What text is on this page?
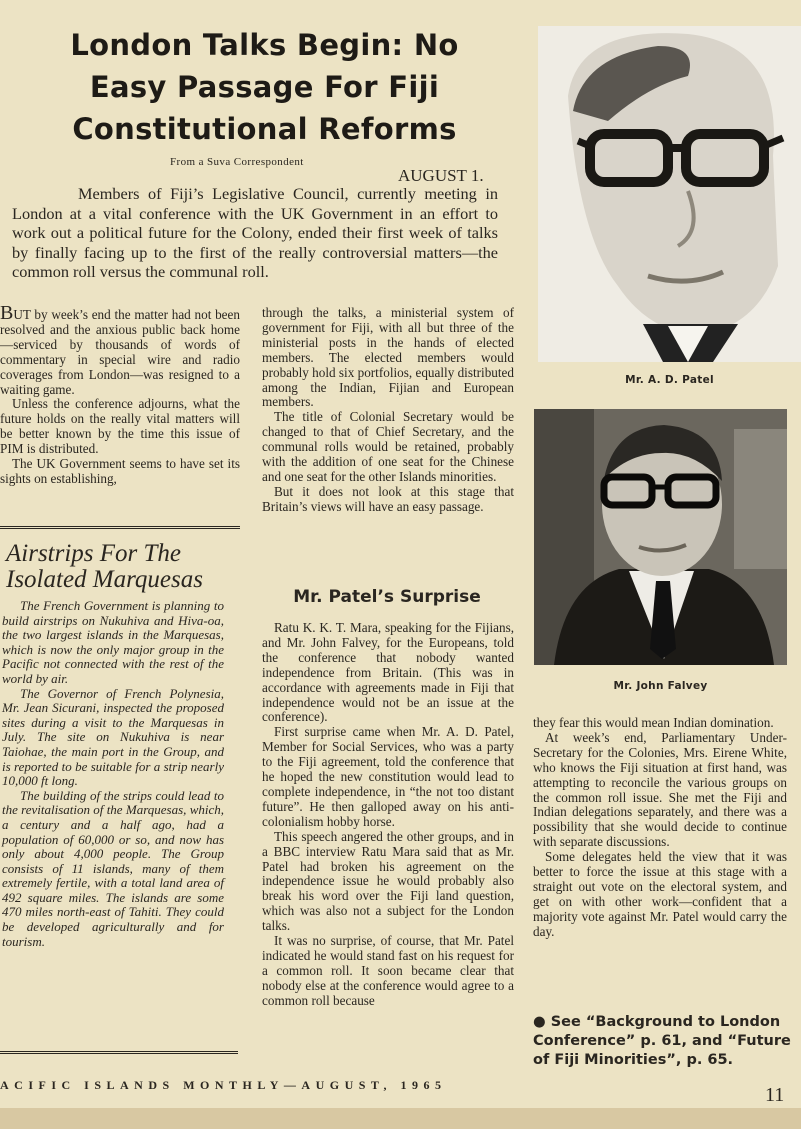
London Talks Begin: No
Easy Passage For Fiji
Constitutional Reforms
From a Suva Correspondent
AUGUST 1.

Members of Fiji’s Legislative Council, currently meeting in London at a vital conference with the UK Government in an effort to work out a political future for the Colony, ended their first week of talks by finally facing up to the first of the really controversial matters—the common roll versus the communal roll.

BUT by week’s end the matter had not been resolved and the anxious public back home—serviced by thousands of words of commentary in special wire and radio coverages from London—was resigned to a waiting game.

Unless the conference adjourns, what the future holds on the really vital matters will be better known by the time this issue of PIM is distributed.

The UK Government seems to have set its sights on establishing,

Airstrips For The
Isolated Marquesas

The French Government is planning to build airstrips on Nukuhiva and Hiva-oa, the two largest islands in the Marquesas, which is now the only major group in the Pacific not connected with the rest of the world by air.

The Governor of French Polynesia, Mr. Jean Sicurani, inspected the proposed sites during a visit to the Marquesas in July. The site on Nukuhiva is near Taiohae, the main port in the Group, and is reported to be suitable for a strip nearly 10,000 ft long.

The building of the strips could lead to the revitalisation of the Marquesas, which, a century and a half ago, had a population of 60,000 or so, and now has only about 4,000 people. The Group consists of 11 islands, many of them extremely fertile, with a total land area of 492 square miles. The islands are some 470 miles north-east of Tahiti. They could be developed agriculturally and for tourism.

through the talks, a ministerial system of government for Fiji, with all but three of the ministerial posts in the hands of elected members. The elected members would probably hold six portfolios, equally distributed among the Indian, Fijian and European members.

The title of Colonial Secretary would be changed to that of Chief Secretary, and the communal rolls would be retained, probably with the addition of one seat for the Chinese and one seat for the other Islands minorities.

But it does not look at this stage that Britain’s views will have an easy passage.

Mr. Patel’s Surprise

Ratu K. K. T. Mara, speaking for the Fijians, and Mr. John Falvey, for the Europeans, told the conference that nobody wanted independence from Britain. (This was in accordance with agreements made in Fiji that independence would not be an issue at the conference).

First surprise came when Mr. A. D. Patel, Member for Social Services, who was a party to the Fiji agreement, told the conference that he hoped the new constitution would lead to complete independence, in “the not too distant future”. He then galloped away on his anti-colonialism hobby horse.

This speech angered the other groups, and in a BBC interview Ratu Mara said that as Mr. Patel had broken his agreement on the independence issue he would probably also break his word over the Fiji land question, which was also not a subject for the London talks.

It was no surprise, of course, that Mr. Patel indicated he would stand fast on his request for a common roll. It soon became clear that nobody else at the conference would agree to a common roll because

Mr. A. D. Patel
Mr. John Falvey

they fear this would mean Indian domination.

At week’s end, Parliamentary Under-Secretary for the Colonies, Mrs. Eirene White, who knows the Fiji situation at first hand, was attempting to reconcile the various groups on the common roll issue. She met the Fiji and Indian delegations separately, and there was a possibility that she would decide to continue with separate discussions.

Some delegates held the view that it was better to force the issue at this stage with a straight out vote on the electoral system, and get on with other work—confident that a majority vote against Mr. Patel would carry the day.

● See “Background to London Conference” p. 61, and “Future of Fiji Minorities”, p. 65.

ACIFIC ISLANDS MONTHLY—AUGUST, 1965	11
